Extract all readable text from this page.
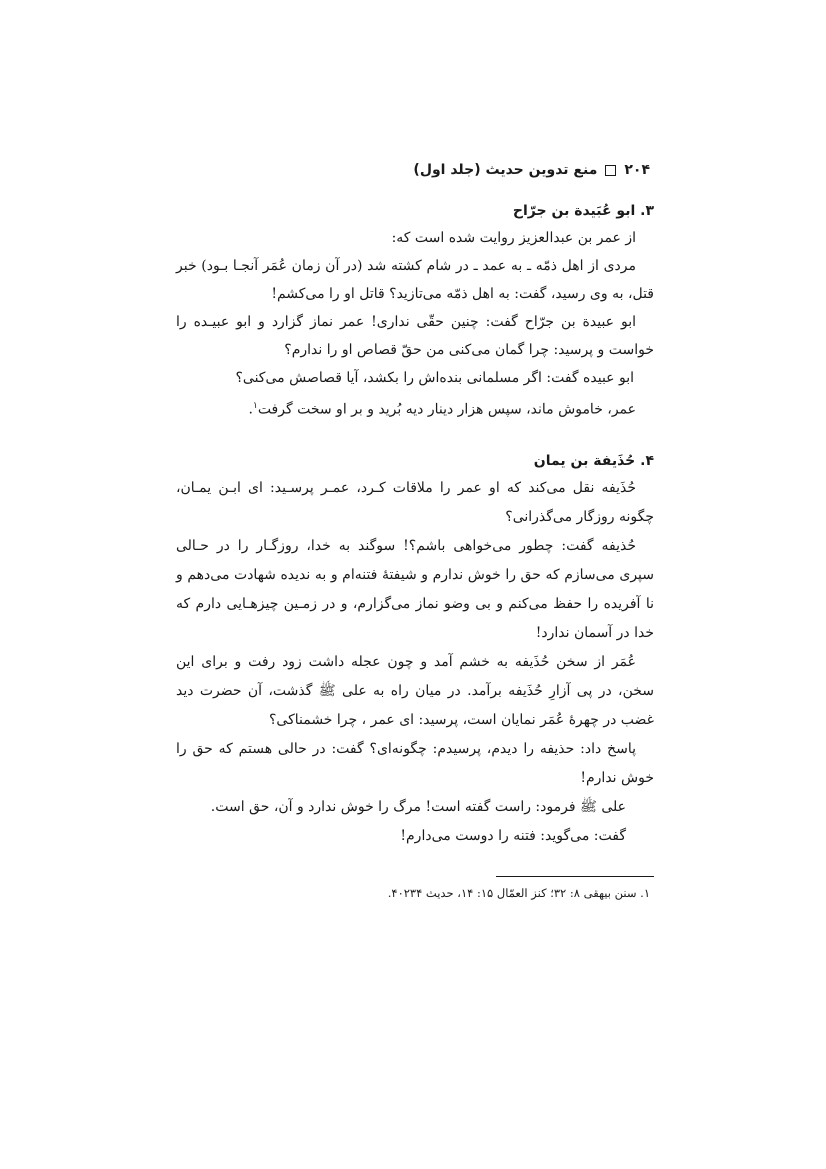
۲۰۴
منع تدوین حدیث (جلد اول)
۳. ابو عُبَیدة بن جرّاح

از عمر بن عبدالعزیز روایت شده است که:

مردی از اهل ذمّه ـ به عمد ـ در شام کشته شد (در آن زمان عُمَر آنجـا بـود) خبر قتل، به وی رسید، گفت: به اهل ذمّه می‌تازید؟ قاتل او را می‌کشم!

ابو عبیدة بن جرّاح گفت: چنین حقّی نداری! عمر نماز گزارد و ابو عبیـده را خواست و پرسید: چرا گمان می‌کنی من حقّ قصاص او را ندارم؟

ابو عبیده گفت: اگر مسلمانی بنده‌اش را بکشد، آیا قصاصش می‌کنی؟

عمر، خاموش ماند، سپس هزار دینار دیه بُرید و بر او سخت گرفت$^۱$.

۴. حُذَیفة بن یمان

حُذَیفه نقل می‌کند که او عمر را ملاقات کـرد، عمـر پرسـید: ای ابـن یمـان، چگونه روزگار می‌گذرانی؟

حُذیفه گفت: چطور می‌خواهی باشم؟! سوگند به خدا، روزگـار را در حـالی سپری می‌سازم که حق را خوش ندارم و شیفتهٔ فتنه‌ام و به ندیده شهادت می‌دهم و نا آفریده را حفظ می‌کنم و بی وضو نماز می‌گزارم، و در زمـین چیزهـایی دارم که خدا در آسمان ندارد!

عُمَر از سخن حُذَیفه به خشم آمد و چون عجله داشت زود رفت و برای این سخن، در پی آزارِ حُذَیفه برآمد. در میان راه به علی ﷺ گذشت، آن حضرت دید غضب در چهرهٔ عُمَر نمایان است، پرسید: ای عمر ، چرا خشمناکی؟

پاسخ داد: حذیفه را دیدم، پرسیدم: چگونه‌ای؟ گفت: در حالی هستم که حق را خوش ندارم!

علی ﷺ فرمود: راست گفته است! مرگ را خوش ندارد و آن، حق است.

گفت: می‌گوید: فتنه را دوست می‌دارم!

۱. سنن بیهقی ۸: ۳۲؛ کنز العمّال ۱۵: ۱۴، حدیث ۴۰۲۳۴.
